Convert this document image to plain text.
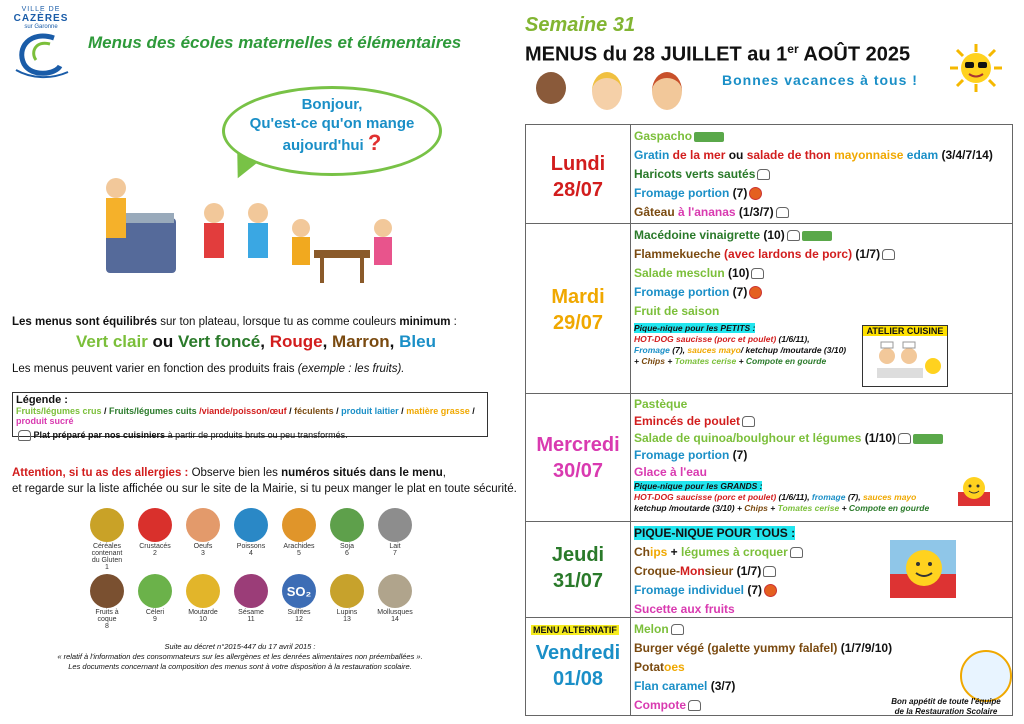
VILLE DE
CAZÈRES
sur Garonne
Menus des écoles maternelles et élémentaires
Bonjour,
Qu'est-ce qu'on mange
aujourd'hui ?
Les menus sont équilibrés sur ton plateau, lorsque tu as comme couleurs minimum :
Vert clair ou Vert foncé, Rouge, Marron, Bleu
Les menus peuvent varier en fonction des produits frais (exemple : les fruits).
Légende :
Fruits/légumes crus / Fruits/légumes cuits /viande/poisson/œuf / féculents / produit laitier / matière grasse / produit sucré
Plat préparé par nos cuisiniers à partir de produits bruts ou peu transformés.
Attention, si tu as des allergies : Observe bien les numéros situés dans le menu,
et regarde sur la liste affichée ou sur le site de la Mairie, si tu peux manger le plat en toute sécurité.
Céréales contenant du Gluten
1
Crustacés
2
Oeufs
3
Poissons
4
Arachides
5
Soja
6
Lait
7
Fruits à coque
8
Céleri
9
Moutarde
10
Sésame
11
SO₂
Sulfites
12
Lupins
13
Mollusques
14
Suite au décret n°2015-447 du 17 avril 2015 :
« relatif à l'information des consommateurs sur les allergènes et les denrées alimentaires non préemballées ».
Les documents concernant la composition des menus sont à votre disposition à la restauration scolaire.
Semaine 31
MENUS du 28 JUILLET au 1er AOÛT 2025
Bonnes vacances à tous !
Lundi
28/07
Gaspacho
Gratin de la mer ou salade de thon mayonnaise edam (3/4/7/14)
Haricots verts sautés
Fromage portion (7)
Gâteau à l'ananas (1/3/7)
Mardi
29/07
Macédoine vinaigrette (10)
Flammekueche (avec lardons de porc) (1/7)
Salade mesclun (10)
Fromage portion (7)
Fruit de saison
Pique-nique pour les PETITS :
HOT-DOG saucisse (porc et poulet) (1/6/11),
Fromage (7), sauces mayo/ ketchup /moutarde (3/10)
+ Chips + Tomates cerise + Compote en gourde
Mercredi
30/07
Pastèque
Emincés de poulet
Salade de quinoa/boulghour et légumes (1/10)
Fromage portion (7)
Glace à l'eau
Pique-nique pour les GRANDS :
HOT-DOG saucisse (porc et poulet) (1/6/11), fromage (7), sauces mayo
ketchup /moutarde (3/10) + Chips + Tomates cerise + Compote en gourde
Jeudi
31/07
PIQUE-NIQUE POUR TOUS :
Chips + légumes à croquer
Croque-Monsieur (1/7)
Fromage individuel (7)
Sucette aux fruits
Vendredi
01/08
Melon
Burger végé (galette yummy falafel) (1/7/9/10)
Potatoes
Flan caramel (3/7)
Compote
MENU ALTERNATIF
ATELIER CUISINE
Bon appétit de toute l'équipe
de la Restauration Scolaire
